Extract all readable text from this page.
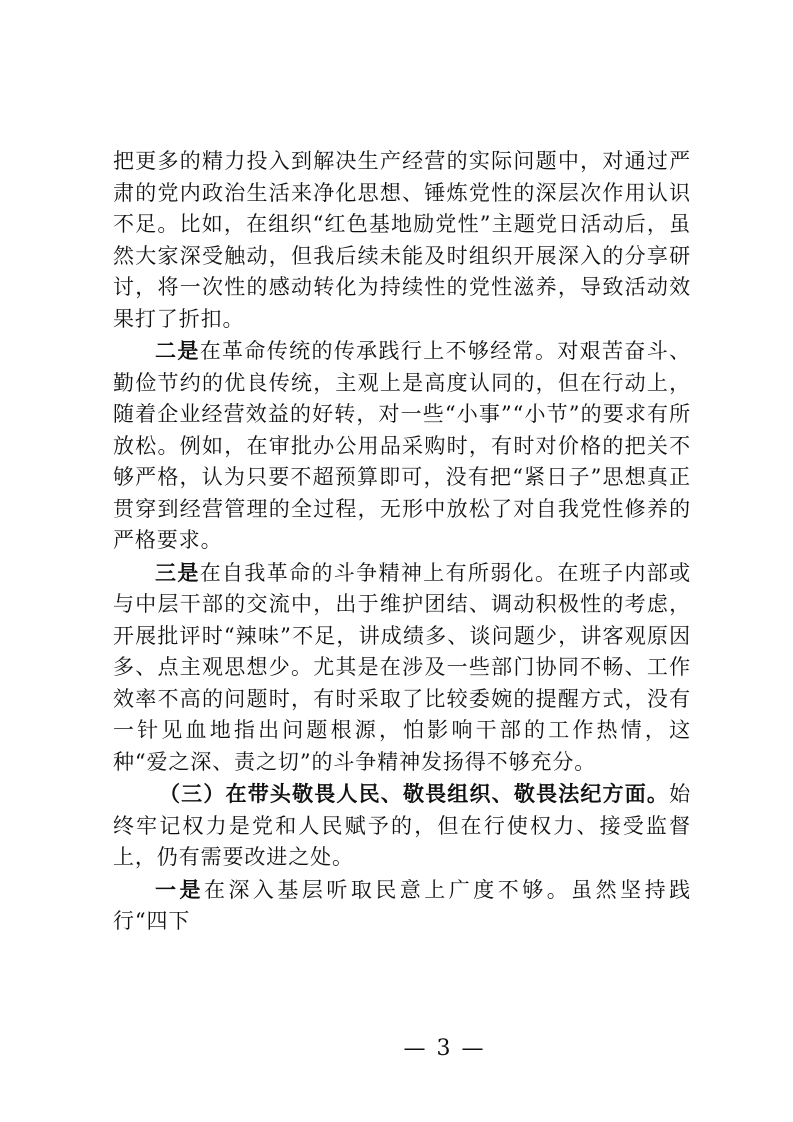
把更多的精力投入到解决生产经营的实际问题中，对通过严肃的党内政治生活来净化思想、锤炼党性的深层次作用认识不足。比如，在组织“红色基地励党性”主题党日活动后，虽然大家深受触动，但我后续未能及时组织开展深入的分享研讨，将一次性的感动转化为持续性的党性滋养，导致活动效果打了折扣。

二是在革命传统的传承践行上不够经常。对艰苦奋斗、勤俭节约的优良传统，主观上是高度认同的，但在行动上，随着企业经营效益的好转，对一些“小事”“小节”的要求有所放松。例如，在审批办公用品采购时，有时对价格的把关不够严格，认为只要不超预算即可，没有把“紧日子”思想真正贯穿到经营管理的全过程，无形中放松了对自我党性修养的严格要求。

三是在自我革命的斗争精神上有所弱化。在班子内部或与中层干部的交流中，出于维护团结、调动积极性的考虑，开展批评时“辣味”不足，讲成绩多、谈问题少，讲客观原因多、点主观思想少。尤其是在涉及一些部门协同不畅、工作效率不高的问题时，有时采取了比较委婉的提醒方式，没有一针见血地指出问题根源，怕影响干部的工作热情，这种“爱之深、责之切”的斗争精神发扬得不够充分。

（三）在带头敬畏人民、敬畏组织、敬畏法纪方面。始终牢记权力是党和人民赋予的，但在行使权力、接受监督上，仍有需要改进之处。

一是在深入基层听取民意上广度不够。虽然坚持践行“四下

— 3 —
